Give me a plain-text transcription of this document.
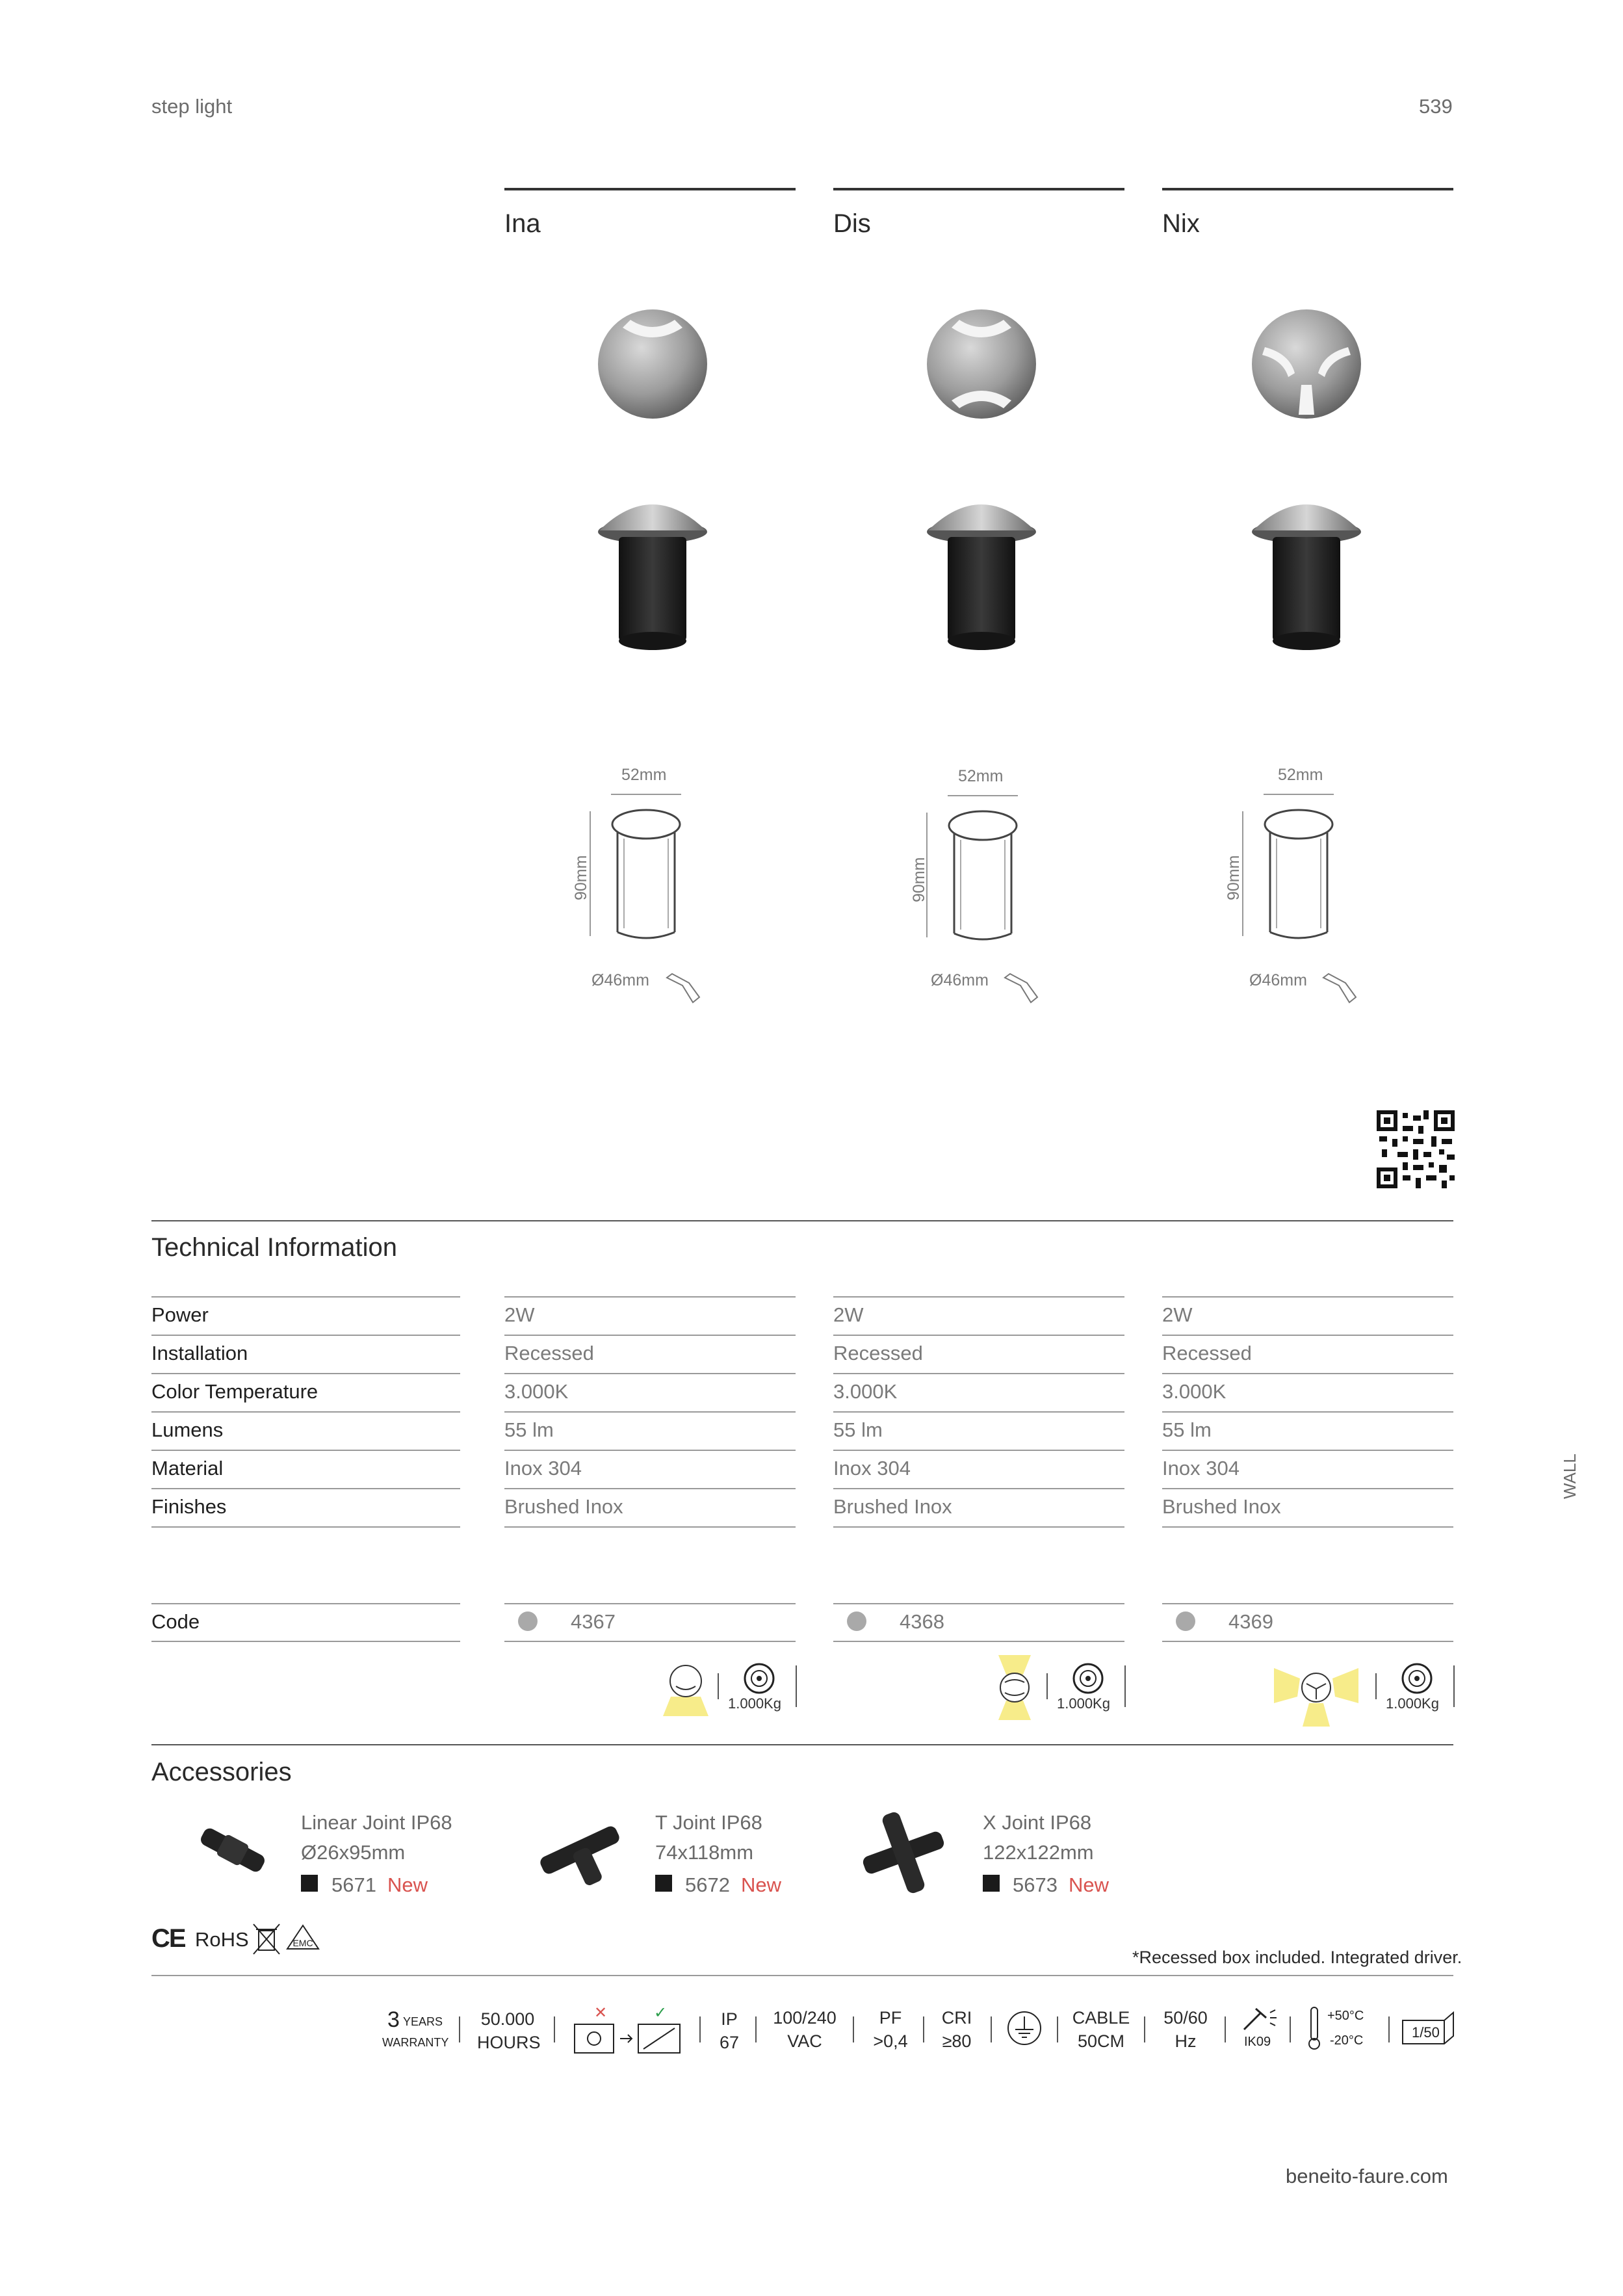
step light	539
Ina	Dis	Nix
52mm	52mm	52mm
90mm	90mm	90mm
Ø46mm	Ø46mm	Ø46mm
Technical Information
Power	2W	2W	2W
Installation	Recessed	Recessed	Recessed
Color Temperature	3.000K	3.000K	3.000K
Lumens	55 lm	55 lm	55 lm
Material	Inox 304	Inox 304	Inox 304
Finishes	Brushed Inox	Brushed Inox	Brushed Inox
Code	4367	4368	4369
1.000Kg	1.000Kg	1.000Kg
WALL
Accessories
Linear Joint IP68
Ø26x95mm
5671 New
T Joint IP68
74x118mm
5672 New
X Joint IP68
122x122mm
5673 New
CE RoHS	EMC
*Recessed box included. Integrated driver.
3 YEARS
WARRANTY
50.000
HOURS
✕	✓	IP
67
100/240
VAC
PF
>0,4
CRI
≥80
CABLE
50CM
50/60
Hz	IK09
+50°C
-20°C	1/50
beneito-faure.com
